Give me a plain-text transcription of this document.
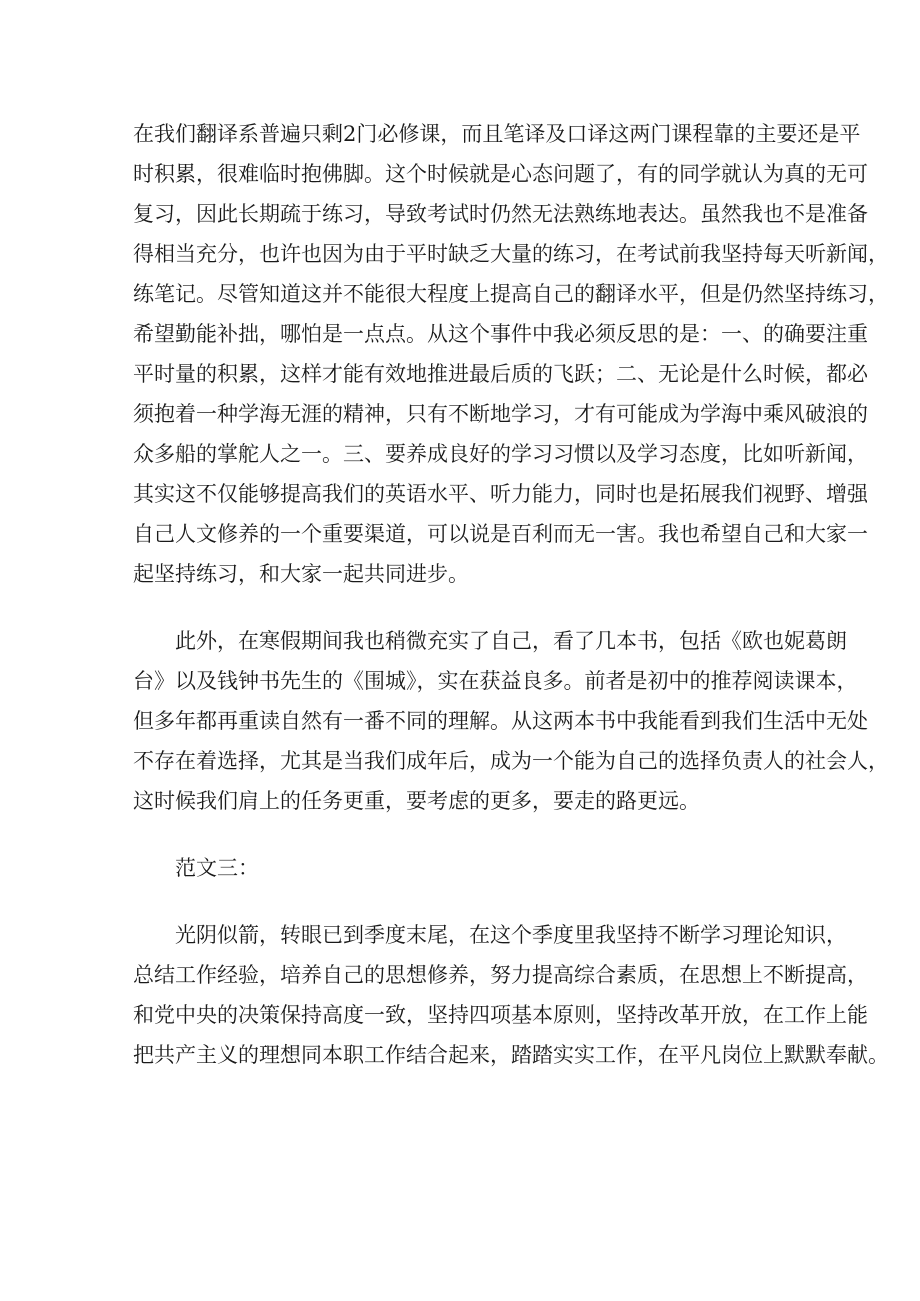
在我们翻译系普遍只剩2门必修课，而且笔译及口译这两门课程靠的主要还是平
时积累，很难临时抱佛脚。这个时候就是心态问题了，有的同学就认为真的无可
复习，因此长期疏于练习，导致考试时仍然无法熟练地表达。虽然我也不是准备
得相当充分，也许也因为由于平时缺乏大量的练习，在考试前我坚持每天听新闻，
练笔记。尽管知道这并不能很大程度上提高自己的翻译水平，但是仍然坚持练习，
希望勤能补拙，哪怕是一点点。从这个事件中我必须反思的是：一、的确要注重
平时量的积累，这样才能有效地推进最后质的飞跃；二、无论是什么时候，都必
须抱着一种学海无涯的精神，只有不断地学习，才有可能成为学海中乘风破浪的
众多船的掌舵人之一。三、要养成良好的学习习惯以及学习态度，比如听新闻，
其实这不仅能够提高我们的英语水平、听力能力，同时也是拓展我们视野、增强
自己人文修养的一个重要渠道，可以说是百利而无一害。我也希望自己和大家一
起坚持练习，和大家一起共同进步。
此外，在寒假期间我也稍微充实了自己，看了几本书，包括《欧也妮葛朗
台》以及钱钟书先生的《围城》，实在获益良多。前者是初中的推荐阅读课本，
但多年都再重读自然有一番不同的理解。从这两本书中我能看到我们生活中无处
不存在着选择，尤其是当我们成年后，成为一个能为自己的选择负责人的社会人，
这时候我们肩上的任务更重，要考虑的更多，要走的路更远。
范文三：
光阴似箭，转眼已到季度末尾，在这个季度里我坚持不断学习理论知识，
总结工作经验，培养自己的思想修养，努力提高综合素质，在思想上不断提高，
和党中央的决策保持高度一致，坚持四项基本原则，坚持改革开放，在工作上能
把共产主义的理想同本职工作结合起来，踏踏实实工作，在平凡岗位上默默奉献。
